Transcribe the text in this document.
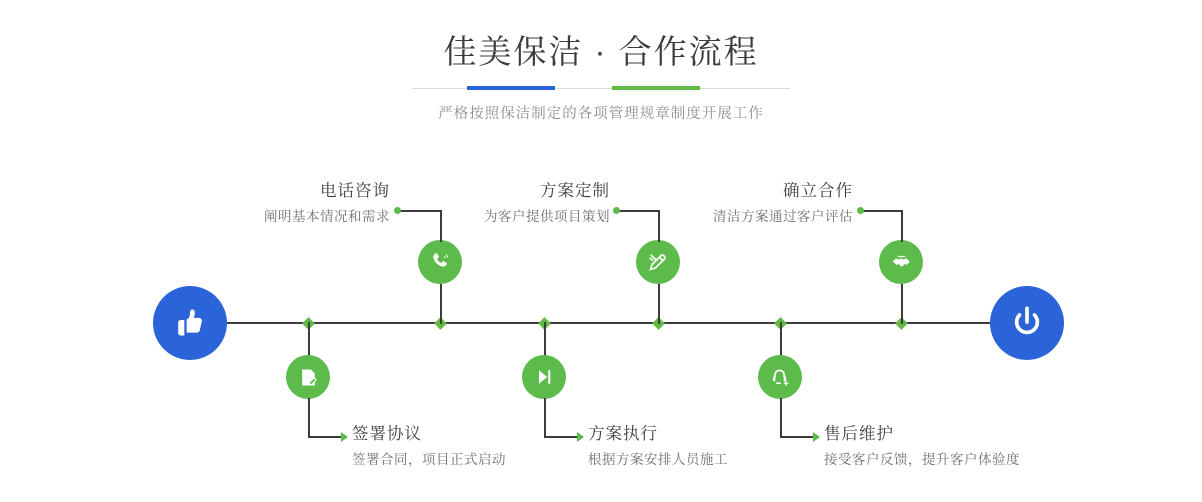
佳美保洁 · 合作流程

严格按照保洁制定的各项管理规章制度开展工作

电话咨询
阐明基本情况和需求
方案定制
为客户提供项目策划
确立合作
清洁方案通过客户评估
签署协议
签署合同，项目正式启动
方案执行
根据方案安排人员施工
售后维护
接受客户反馈，提升客户体验度
